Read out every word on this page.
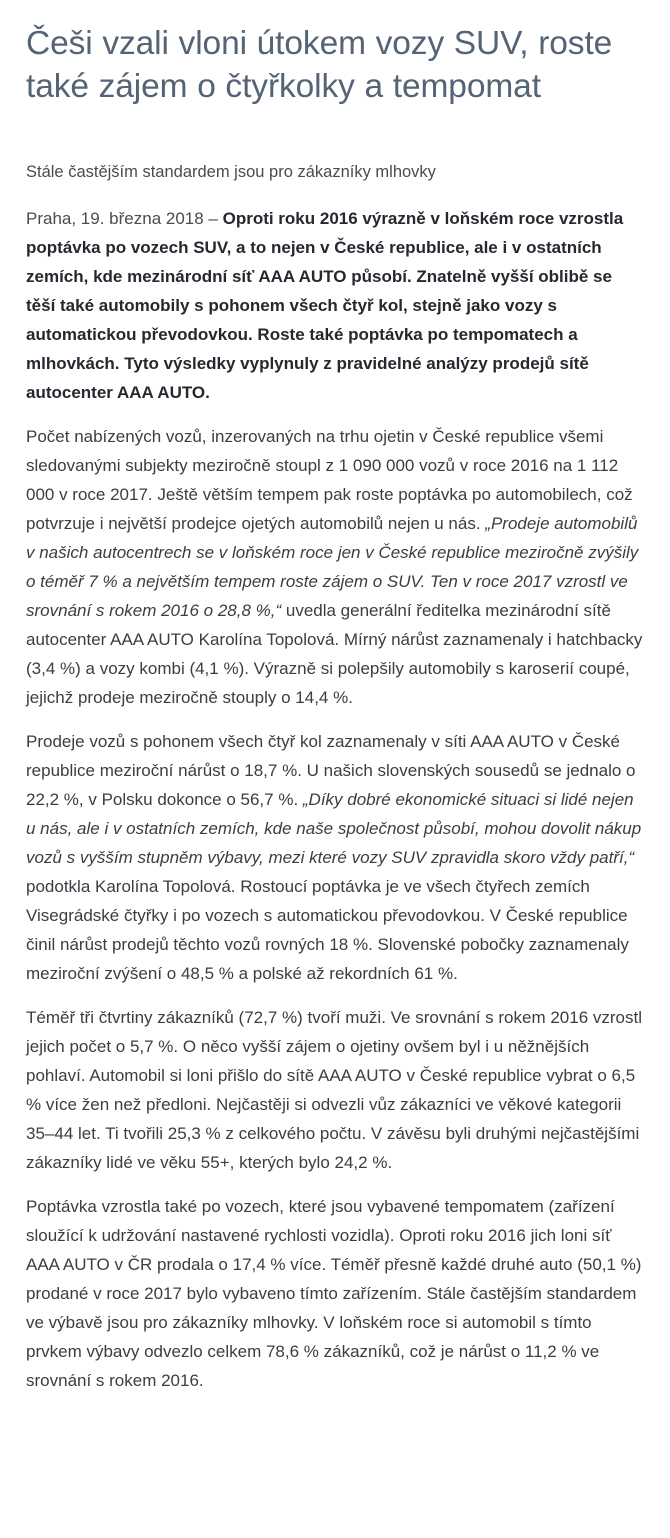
Češi vzali vloni útokem vozy SUV, roste také zájem o čtyřkolky a tempomat
Stále častějším standardem jsou pro zákazníky mlhovky

Praha, 19. března 2018 – Oproti roku 2016 výrazně v loňském roce vzrostla poptávka po vozech SUV, a to nejen v České republice, ale i v ostatních zemích, kde mezinárodní síť AAA AUTO působí. Znatelně vyšší oblibě se těší také automobily s pohonem všech čtyř kol, stejně jako vozy s automatickou převodovkou. Roste také poptávka po tempomatech a mlhovkách. Tyto výsledky vyplynuly z pravidelné analýzy prodejů sítě autocenter AAA AUTO.

Počet nabízených vozů, inzerovaných na trhu ojetin v České republice všemi sledovanými subjekty meziročně stoupl z 1 090 000 vozů v roce 2016 na 1 112 000 v roce 2017. Ještě větším tempem pak roste poptávka po automobilech, což potvrzuje i největší prodejce ojetých automobilů nejen u nás. „Prodeje automobilů v našich autocentrech se v loňském roce jen v České republice meziročně zvýšily o téměř 7 % a největším tempem roste zájem o SUV. Ten v roce 2017 vzrostl ve srovnání s rokem 2016 o 28,8 %,“ uvedla generální ředitelka mezinárodní sítě autocenter AAA AUTO Karolína Topolová. Mírný nárůst zaznamenaly i hatchbacky (3,4 %) a vozy kombi (4,1 %). Výrazně si polepšily automobily s karoserií coupé, jejichž prodeje meziročně stouply o 14,4 %.

Prodeje vozů s pohonem všech čtyř kol zaznamenaly v síti AAA AUTO v České republice meziroční nárůst o 18,7 %. U našich slovenských sousedů se jednalo o 22,2 %, v Polsku dokonce o 56,7 %. „Díky dobré ekonomické situaci si lidé nejen u nás, ale i v ostatních zemích, kde naše společnost působí, mohou dovolit nákup vozů s vyšším stupněm výbavy, mezi které vozy SUV zpravidla skoro vždy patří,“ podotkla Karolína Topolová. Rostoucí poptávka je ve všech čtyřech zemích Visegrádské čtyřky i po vozech s automatickou převodovkou. V České republice činil nárůst prodejů těchto vozů rovných 18 %. Slovenské pobočky zaznamenaly meziroční zvýšení o 48,5 % a polské až rekordních 61 %.

Téměř tři čtvrtiny zákazníků (72,7 %) tvoří muži. Ve srovnání s rokem 2016 vzrostl jejich počet o 5,7 %. O něco vyšší zájem o ojetiny ovšem byl i u něžnějších pohlaví. Automobil si loni přišlo do sítě AAA AUTO v České republice vybrat o 6,5 % více žen než předloni. Nejčastěji si odvezli vůz zákazníci ve věkové kategorii 35–44 let. Ti tvořili 25,3 % z celkového počtu. V závěsu byli druhými nejčastějšími zákazníky lidé ve věku 55+, kterých bylo 24,2 %.

Poptávka vzrostla také po vozech, které jsou vybavené tempomatem (zařízení sloužící k udržování nastavené rychlosti vozidla). Oproti roku 2016 jich loni síť AAA AUTO v ČR prodala o 17,4 % více. Téměř přesně každé druhé auto (50,1 %) prodané v roce 2017 bylo vybaveno tímto zařízením. Stále častějším standardem ve výbavě jsou pro zákazníky mlhovky. V loňském roce si automobil s tímto prvkem výbavy odvezlo celkem 78,6 % zákazníků, což je nárůst o 11,2 % ve srovnání s rokem 2016.
